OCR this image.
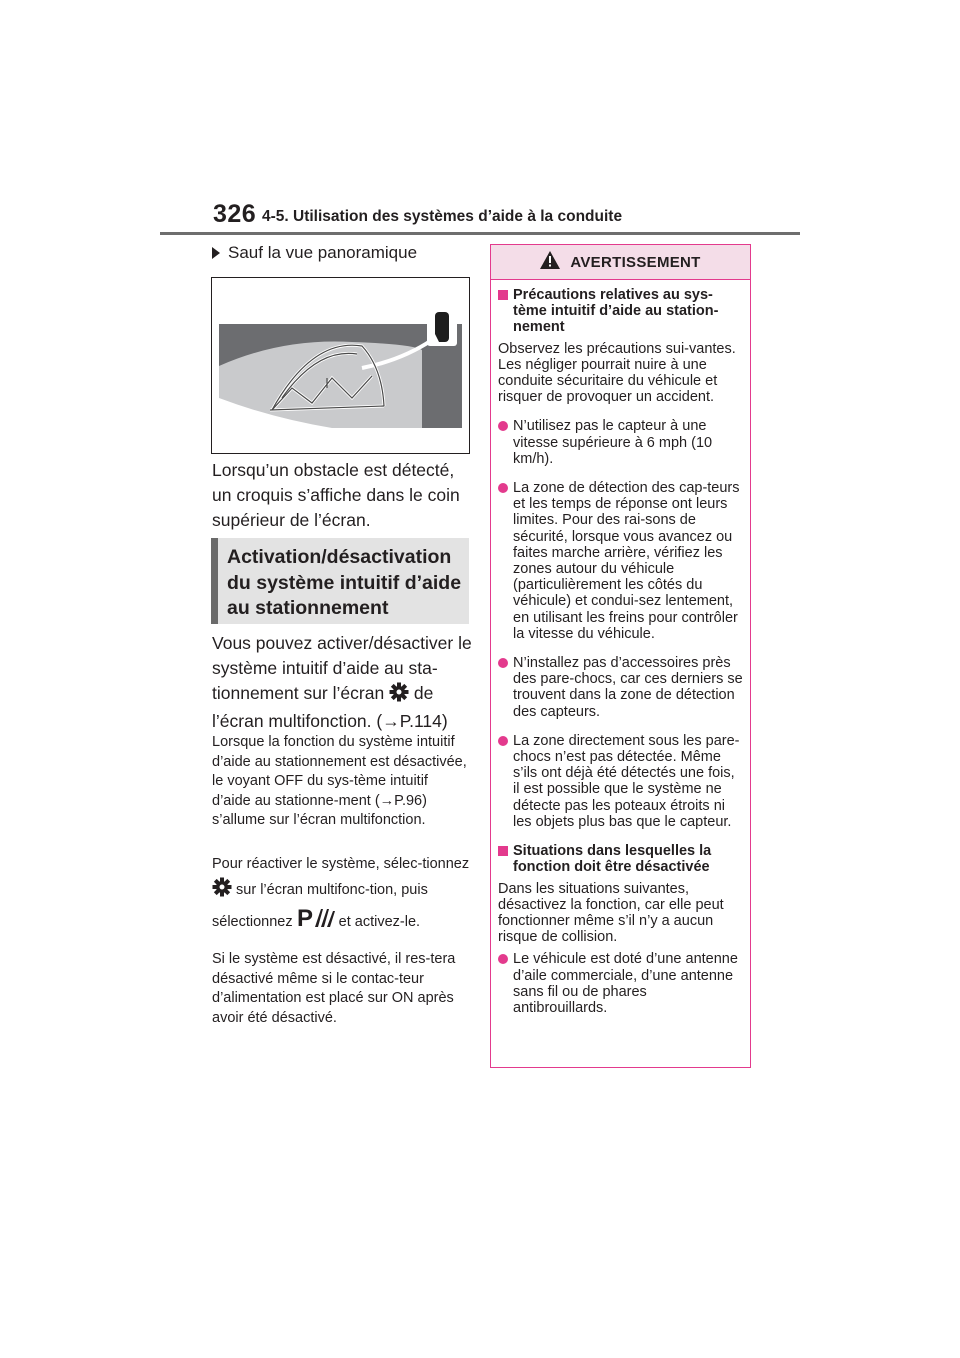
326 4-5. Utilisation des systèmes d’aide à la conduite
Sauf la vue panoramique
Lorsqu’un obstacle est détecté, un croquis s’affiche dans le coin supérieur de l’écran.
Activation/désactivation du système intuitif d’aide au stationnement
Vous pouvez activer/désactiver le système intuitif d’aide au sta-tionnement sur l’écran  de l’écran multifonction. (→P.114)
Lorsque la fonction du système intuitif d’aide au stationnement est désactivée, le voyant OFF du sys-tème intuitif d’aide au stationne-ment (→P.96) s’allume sur l’écran multifonction.
Pour réactiver le système, sélec-tionnez  sur l’écran multifonc-tion, puis sélectionnez P et activez-le.
Si le système est désactivé, il res-tera désactivé même si le contac-teur d’alimentation est placé sur ON après avoir été désactivé.
AVERTISSEMENT
Précautions relatives au sys-tème intuitif d’aide au station-nement
Observez les précautions sui-vantes.
Les négliger pourrait nuire à une conduite sécuritaire du véhicule et risquer de provoquer un accident.
N’utilisez pas le capteur à une vitesse supérieure à 6 mph (10 km/h).
La zone de détection des cap-teurs et les temps de réponse ont leurs limites. Pour des rai-sons de sécurité, lorsque vous avancez ou faites marche arrière, vérifiez les zones autour du véhicule (particulièrement les côtés du véhicule) et condui-sez lentement, en utilisant les freins pour contrôler la vitesse du véhicule.
N’installez pas d’accessoires près des pare-chocs, car ces derniers se trouvent dans la zone de détection des capteurs.
La zone directement sous les pare-chocs n’est pas détectée. Même s’ils ont déjà été détectés une fois, il est possible que le système ne détecte pas les poteaux étroits ni les objets plus bas que le capteur.
Situations dans lesquelles la fonction doit être désactivée
Dans les situations suivantes, désactivez la fonction, car elle peut fonctionner même s’il n’y a aucun risque de collision.
Le véhicule est doté d’une antenne d’aile commerciale, d’une antenne sans fil ou de phares antibrouillards.
